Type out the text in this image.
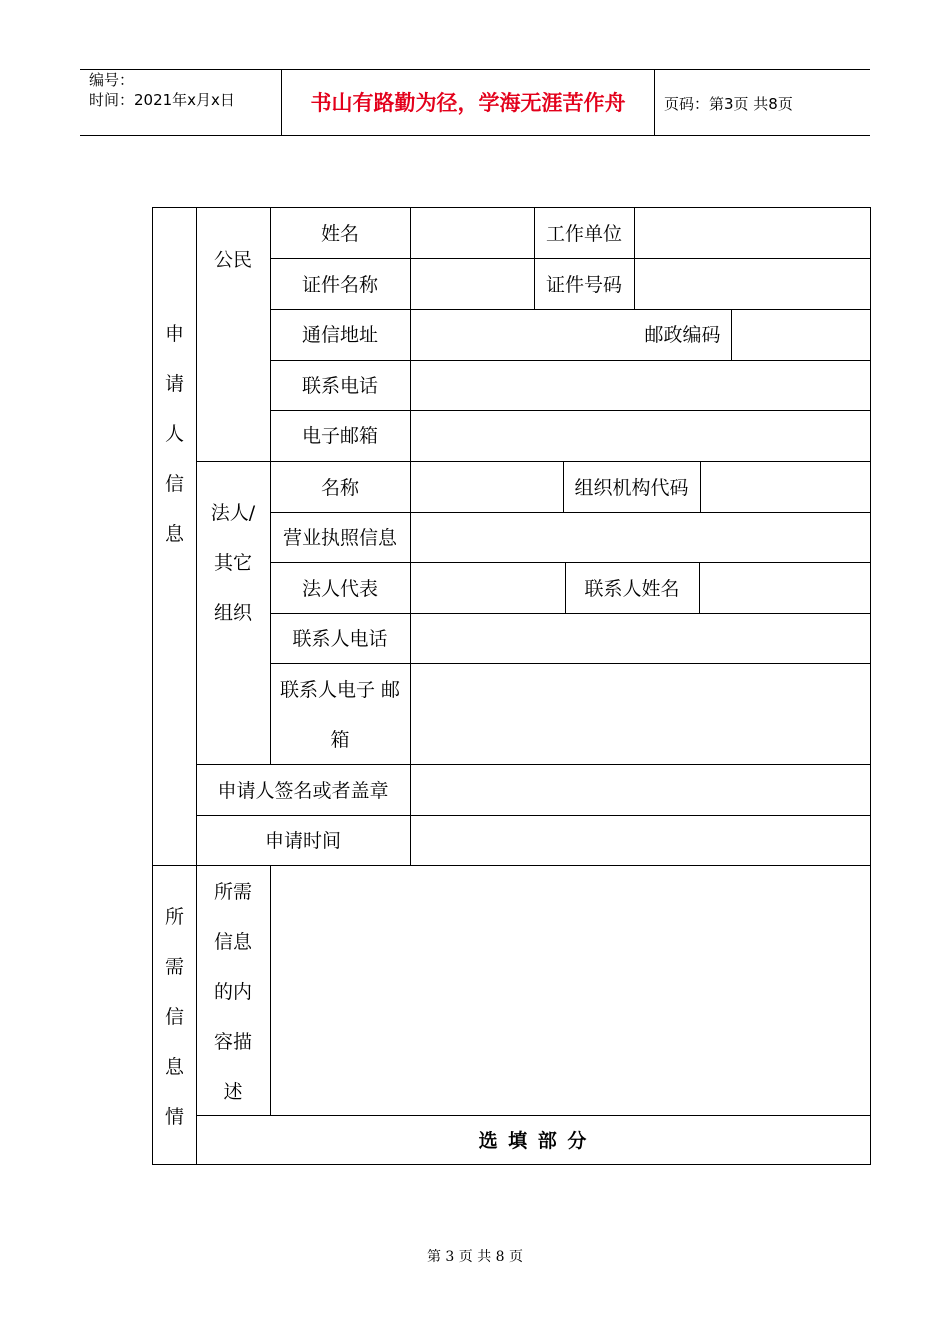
编号：
时间：2021年x月x日	书山有路勤为径，学海无涯苦作舟	页码：第3页 共8页
申
请
人
信
息
公民
姓名	工作单位
证件名称	证件号码
通信地址	邮政编码
联系电话
电子邮箱
法人/
其它
组织
名称	组织机构代码
营业执照信息
法人代表	联系人姓名
联系人电话
联系人电子 邮
箱
申请人签名或者盖章
申请时间
所
需
信
息
情
所需
信息
的内
容描
述
选 填 部 分
第 3 页 共 8 页
